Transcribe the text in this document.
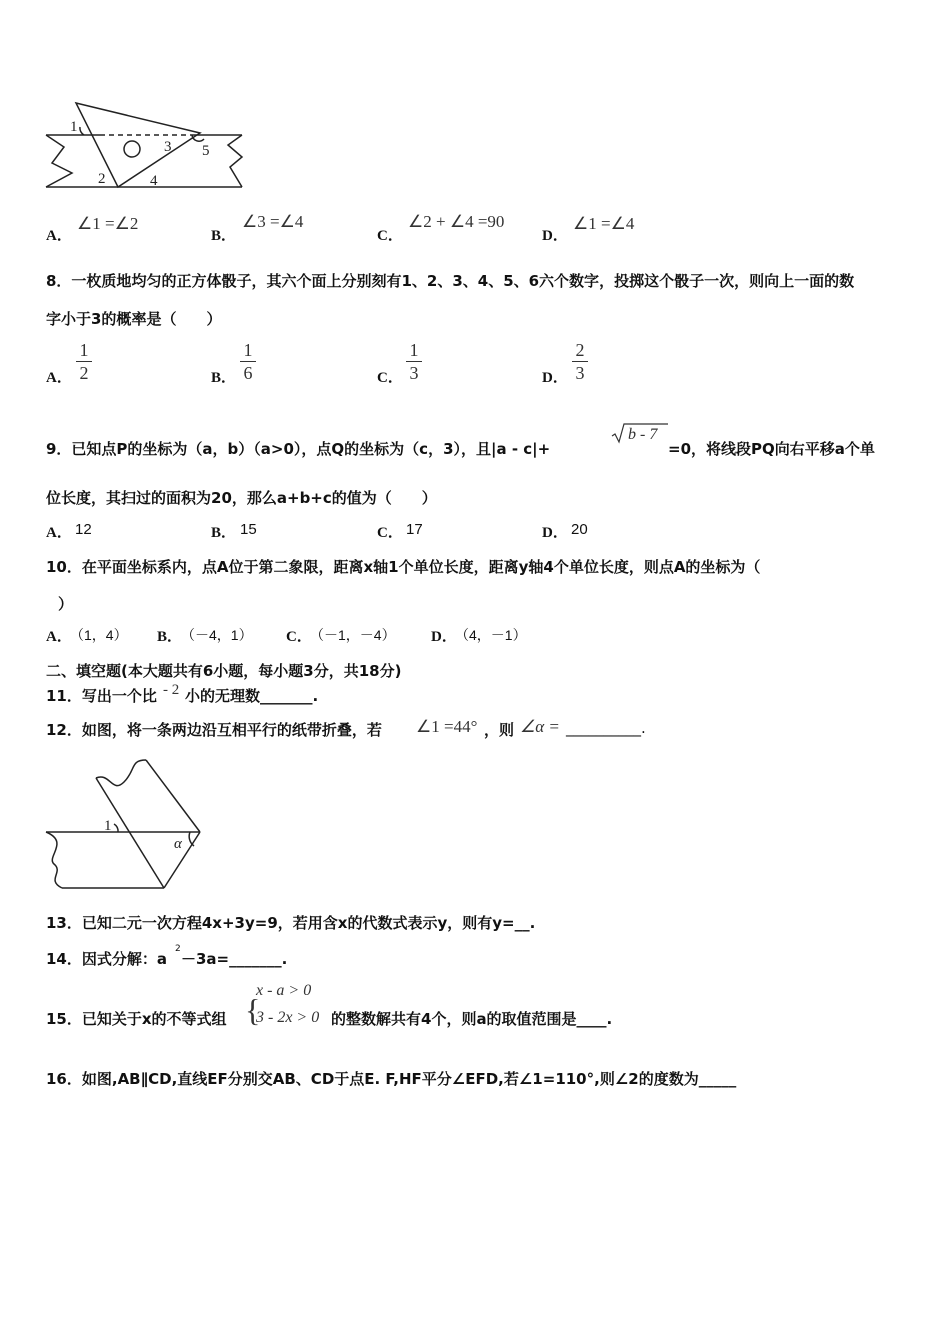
1
2
3
4
5
A．
∠1 =∠2
B．
∠3 =∠4
C．
∠2 + ∠4 =90
D．
∠1 =∠4
8．一枚质地均匀的正方体骰子，其六个面上分别刻有1、2、3、4、5、6六个数字，投掷这个骰子一次，则向上一面的数
字小于3的概率是（　　）
A．
1
2	B．
1
6	C．
1
3	D．
2
3
9．已知点P的坐标为（a，b）（a>0），点Q的坐标为（c，3），且|a - c|+
b - 7
=0，将线段PQ向右平移a个单
位长度，其扫过的面积为20，那么a+b+c的值为（　　）
A． 12	B． 15	C． 17	D． 20
10．在平面坐标系内，点A位于第二象限，距离x轴1个单位长度，距离y轴4个单位长度，则点A的坐标为（
）
A．
（1，4） B．
（－4，1） C．
（－1，－4） D．
（4，－1）
二、填空题(本大题共有6小题，每小题3分，共18分)
11．写出一个比 - 2 小的无理数_______.
12．如图，将一条两边沿互相平行的纸带折叠，若 ∠1 =44° ，则 ∠α = __________.
1
α
13．已知二元一次方程4x+3y=9，若用含x的代数式表示y，则有y=__.
14．因式分解：a
2
－3a=_______.
15．已知关于x的不等式组 {
x - a > 0
3 - 2x > 0 的整数解共有4个，则a的取值范围是____.
16．如图,AB∥CD,直线EF分别交AB、CD于点E. F,HF平分∠EFD,若∠1=110°,则∠2的度数为_____
